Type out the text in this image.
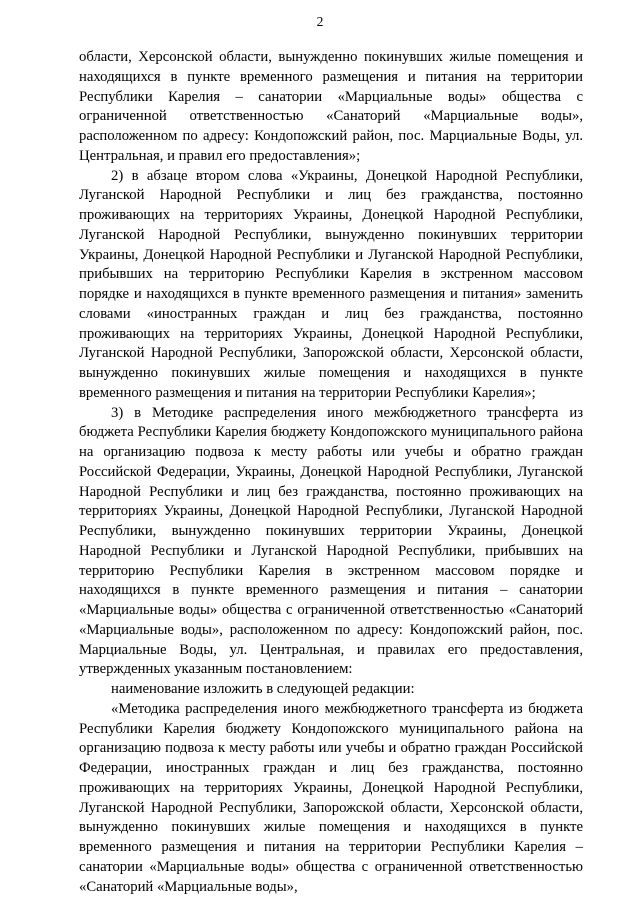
2

области, Херсонской области, вынужденно покинувших жилые помещения и находящихся в пункте временного размещения и питания на территории Республики Карелия – санатории «Марциальные воды» общества с ограниченной ответственностью «Санаторий «Марциальные воды», расположенном по адресу: Кондопожский район, пос. Марциальные Воды, ул. Центральная, и правил его предоставления»;

2) в абзаце втором слова «Украины, Донецкой Народной Республики, Луганской Народной Республики и лиц без гражданства, постоянно проживающих на территориях Украины, Донецкой Народной Республики, Луганской Народной Республики, вынужденно покинувших территории Украины, Донецкой Народной Республики и Луганской Народной Республики, прибывших на территорию Республики Карелия в экстренном массовом порядке и находящихся в пункте временного размещения и питания» заменить словами «иностранных граждан и лиц без гражданства, постоянно проживающих на территориях Украины, Донецкой Народной Республики, Луганской Народной Республики, Запорожской области, Херсонской области, вынужденно покинувших жилые помещения и находящихся в пункте временного размещения и питания на территории Республики Карелия»;

3) в Методике распределения иного межбюджетного трансферта из бюджета Республики Карелия бюджету Кондопожского муниципального района на организацию подвоза к месту работы или учебы и обратно граждан Российской Федерации, Украины, Донецкой Народной Республики, Луганской Народной Республики и лиц без гражданства, постоянно проживающих на территориях Украины, Донецкой Народной Республики, Луганской Народной Республики, вынужденно покинувших территории Украины, Донецкой Народной Республики и Луганской Народной Республики, прибывших на территорию Республики Карелия в экстренном массовом порядке и находящихся в пункте временного размещения и питания – санатории «Марциальные воды» общества с ограниченной ответственностью «Санаторий «Марциальные воды», расположенном по адресу: Кондопожский район, пос. Марциальные Воды, ул. Центральная, и правилах его предоставления, утвержденных указанным постановлением:

наименование изложить в следующей редакции:

«Методика распределения иного межбюджетного трансферта из бюджета Республики Карелия бюджету Кондопожского муниципального района на организацию подвоза к месту работы или учебы и обратно граждан Российской Федерации, иностранных граждан и лиц без гражданства, постоянно проживающих на территориях Украины, Донецкой Народной Республики, Луганской Народной Республики, Запорожской области, Херсонской области, вынужденно покинувших жилые помещения и находящихся в пункте временного размещения и питания на территории Республики Карелия – санатории «Марциальные воды» общества с ограниченной ответственностью «Санаторий «Марциальные воды»,
